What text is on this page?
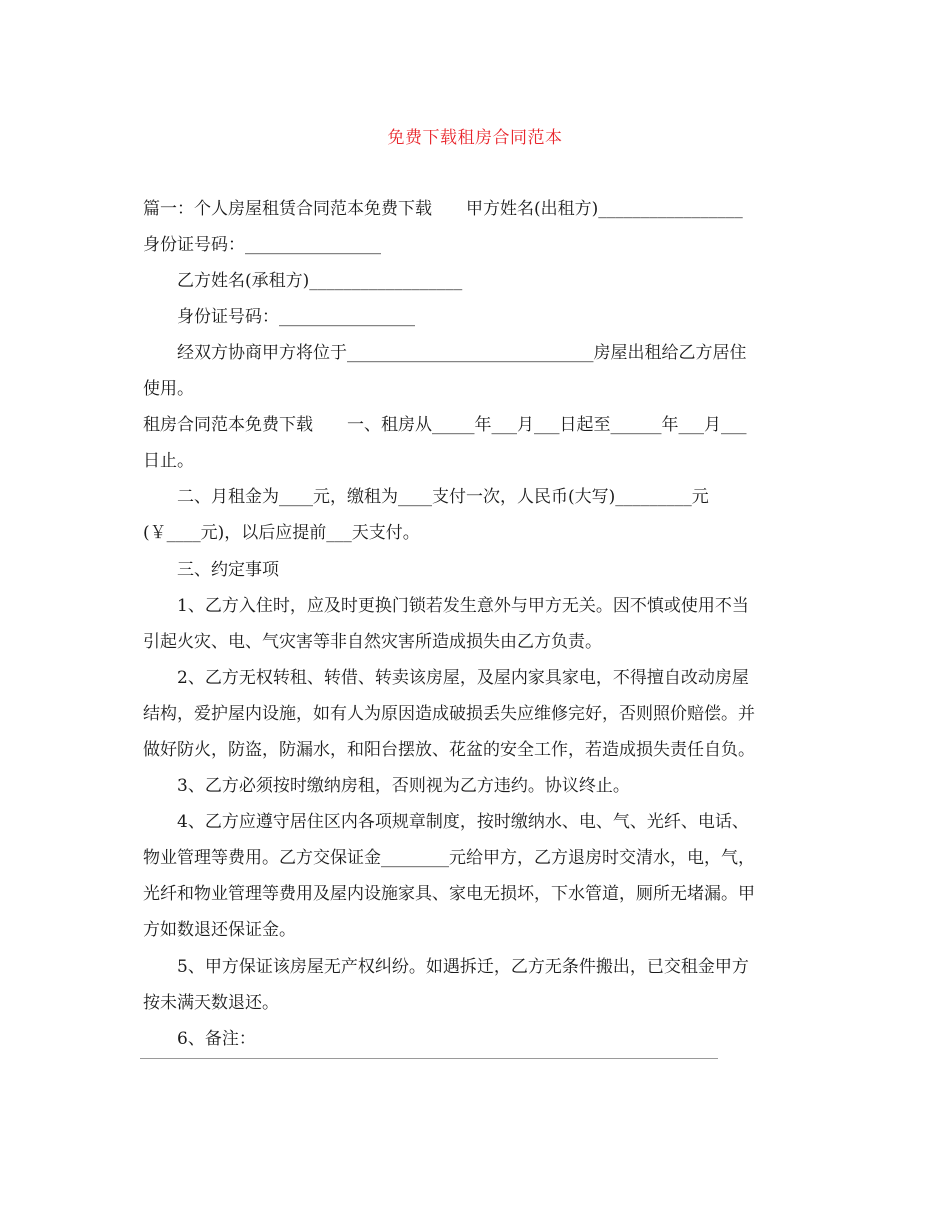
免费下载租房合同范本
篇一：个人房屋租赁合同范本免费下载　　甲方姓名(出租方)_________________
身份证号码：________________
乙方姓名(承租方)__________________
身份证号码：________________
经双方协商甲方将位于_____________________________房屋出租给乙方居住
使用。
租房合同范本免费下载　　一、租房从_____年___月___日起至______年___月___
日止。
二、月租金为____元，缴租为____支付一次，人民币(大写)_________元
(￥____元)，以后应提前___天支付。
三、约定事项
1、乙方入住时，应及时更换门锁若发生意外与甲方无关。因不慎或使用不当
引起火灾、电、气灾害等非自然灾害所造成损失由乙方负责。
2、乙方无权转租、转借、转卖该房屋，及屋内家具家电，不得擅自改动房屋
结构，爱护屋内设施，如有人为原因造成破损丢失应维修完好，否则照价赔偿。并
做好防火，防盗，防漏水，和阳台摆放、花盆的安全工作，若造成损失责任自负。
3、乙方必须按时缴纳房租，否则视为乙方违约。协议终止。
4、乙方应遵守居住区内各项规章制度，按时缴纳水、电、气、光纤、电话、
物业管理等费用。乙方交保证金________元给甲方，乙方退房时交清水，电，气，
光纤和物业管理等费用及屋内设施家具、家电无损坏，下水管道，厕所无堵漏。甲
方如数退还保证金。
5、甲方保证该房屋无产权纠纷。如遇拆迁，乙方无条件搬出，已交租金甲方
按未满天数退还。
6、备注：
